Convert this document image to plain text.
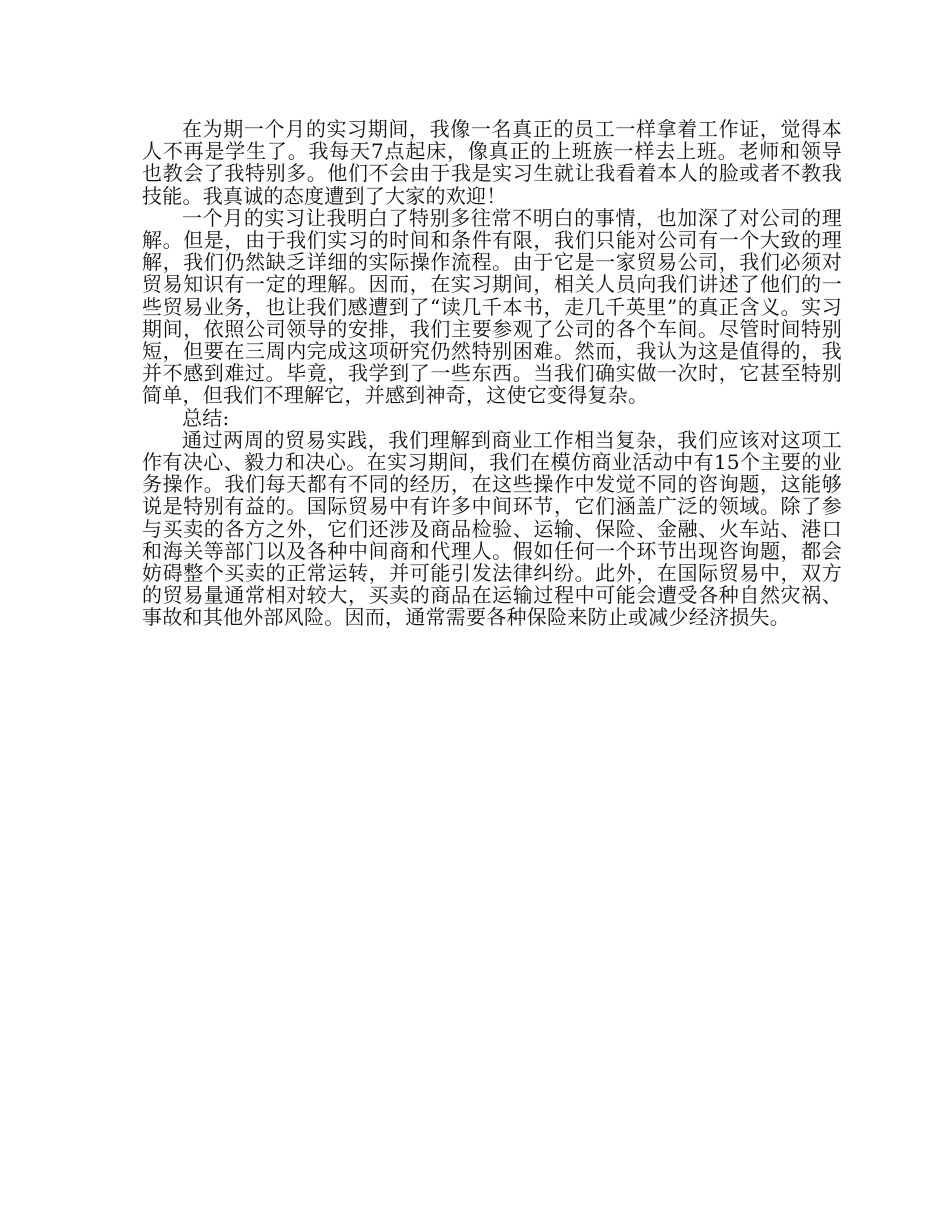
在为期一个月的实习期间，我像一名真正的员工一样拿着工作证，觉得本人不再是学生了。我每天7点起床，像真正的上班族一样去上班。老师和领导也教会了我特别多。他们不会由于我是实习生就让我看着本人的脸或者不教我技能。我真诚的态度遭到了大家的欢迎！

一个月的实习让我明白了特别多往常不明白的事情，也加深了对公司的理解。但是，由于我们实习的时间和条件有限，我们只能对公司有一个大致的理解，我们仍然缺乏详细的实际操作流程。由于它是一家贸易公司，我们必须对贸易知识有一定的理解。因而，在实习期间，相关人员向我们讲述了他们的一些贸易业务，也让我们感遭到了“读几千本书，走几千英里”的真正含义。实习期间，依照公司领导的安排，我们主要参观了公司的各个车间。尽管时间特别短，但要在三周内完成这项研究仍然特别困难。然而，我认为这是值得的，我并不感到难过。毕竟，我学到了一些东西。当我们确实做一次时，它甚至特别简单，但我们不理解它，并感到神奇，这使它变得复杂。

总结:

通过两周的贸易实践，我们理解到商业工作相当复杂，我们应该对这项工作有决心、毅力和决心。在实习期间，我们在模仿商业活动中有15个主要的业务操作。我们每天都有不同的经历，在这些操作中发觉不同的咨询题，这能够说是特别有益的。国际贸易中有许多中间环节，它们涵盖广泛的领域。除了参与买卖的各方之外，它们还涉及商品检验、运输、保险、金融、火车站、港口和海关等部门以及各种中间商和代理人。假如任何一个环节出现咨询题，都会妨碍整个买卖的正常运转，并可能引发法律纠纷。此外，在国际贸易中，双方的贸易量通常相对较大，买卖的商品在运输过程中可能会遭受各种自然灾祸、事故和其他外部风险。因而，通常需要各种保险来防止或减少经济损失。
